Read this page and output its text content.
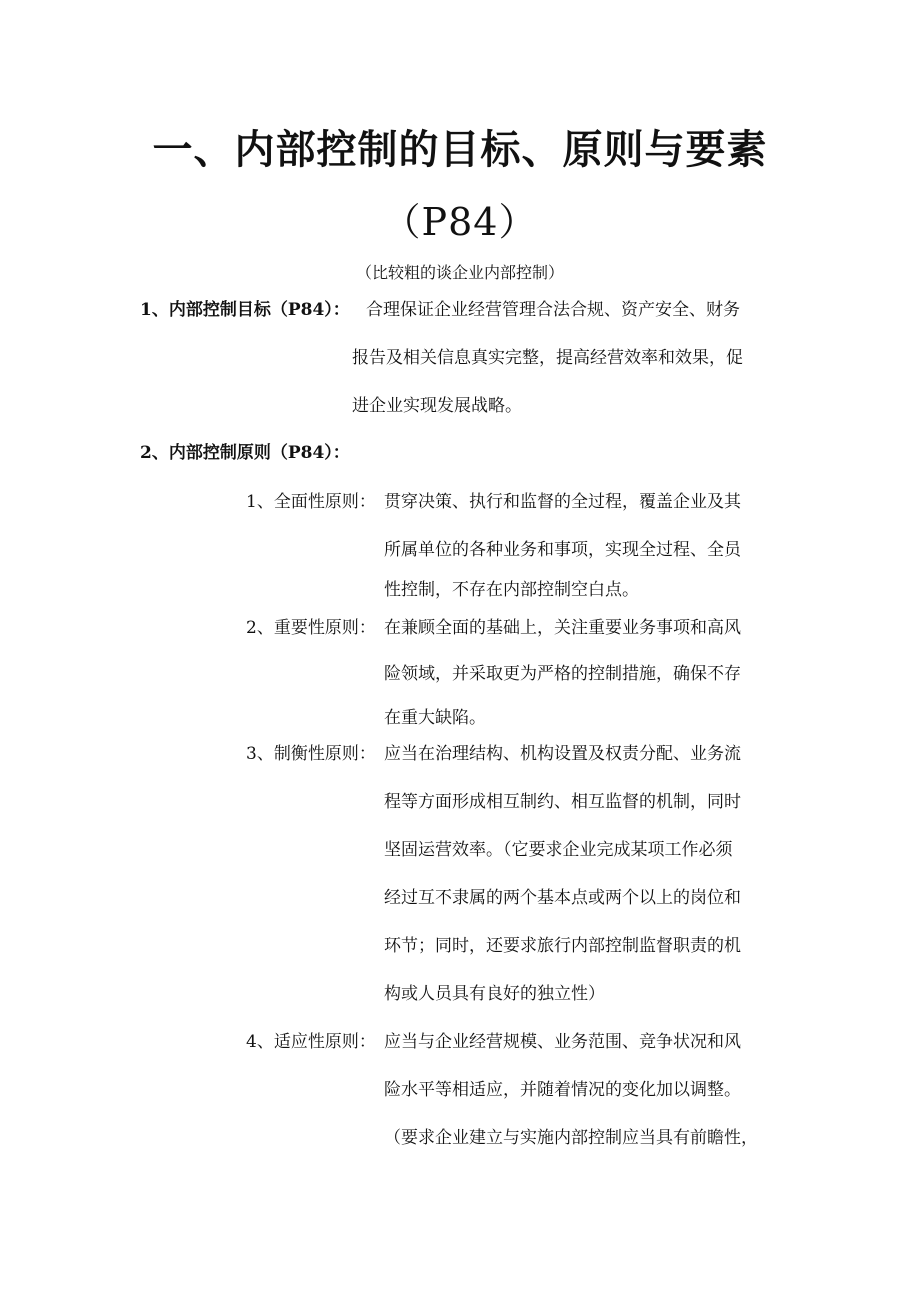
一、内部控制的目标、原则与要素
（P84）
（比较粗的谈企业内部控制）
1、内部控制目标（P84）： 合理保证企业经营管理合法合规、资产安全、财务
报告及相关信息真实完整，提高经营效率和效果，促
进企业实现发展战略。
2、内部控制原则（P84）：
1、全面性原则： 贯穿决策、执行和监督的全过程，覆盖企业及其
所属单位的各种业务和事项，实现全过程、全员
性控制，不存在内部控制空白点。
2、重要性原则： 在兼顾全面的基础上，关注重要业务事项和高风
险领域，并采取更为严格的控制措施，确保不存
在重大缺陷。
3、制衡性原则： 应当在治理结构、机构设置及权责分配、业务流
程等方面形成相互制约、相互监督的机制，同时
坚固运营效率。（它要求企业完成某项工作必须
经过互不隶属的两个基本点或两个以上的岗位和
环节；同时，还要求旅行内部控制监督职责的机
构或人员具有良好的独立性）
4、适应性原则： 应当与企业经营规模、业务范围、竞争状况和风
险水平等相适应，并随着情况的变化加以调整。
（要求企业建立与实施内部控制应当具有前瞻性，
